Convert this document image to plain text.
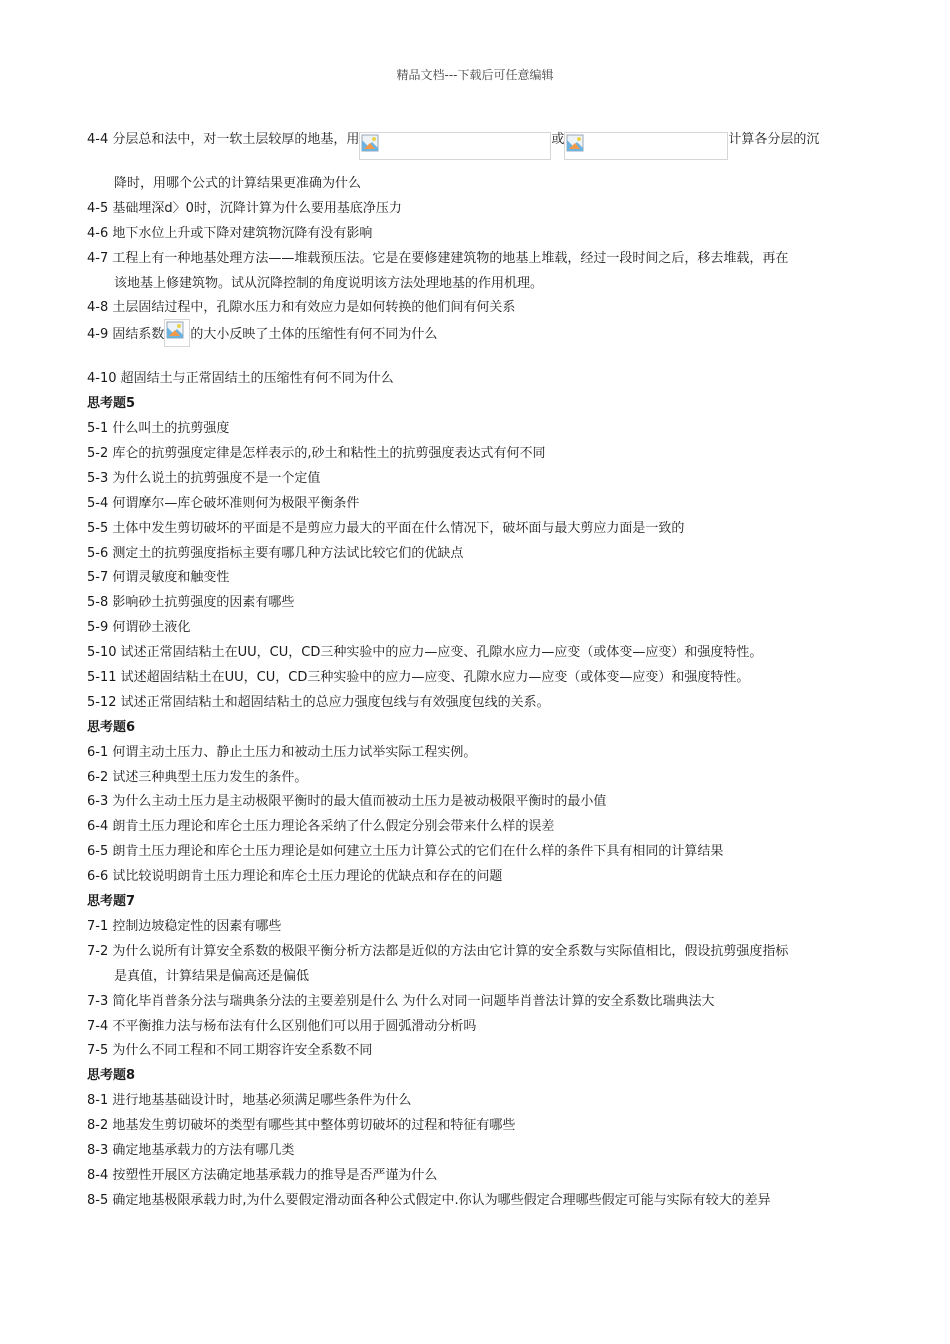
精品文档---下载后可任意编辑
4-4 分层总和法中，对一软土层较厚的地基，用	或	计算各分层的沉
降时，用哪个公式的计算结果更准确为什么
4-5 基础埋深d〉0时，沉降计算为什么要用基底净压力
4-6 地下水位上升或下降对建筑物沉降有没有影响
4-7 工程上有一种地基处理方法——堆载预压法。它是在要修建建筑物的地基上堆载，经过一段时间之后，移去堆载，再在
该地基上修建筑物。试从沉降控制的角度说明该方法处理地基的作用机理。
4-8 土层固结过程中，孔隙水压力和有效应力是如何转换的他们间有何关系
4-9 固结系数 的大小反映了土体的压缩性有何不同为什么
4-10 超固结土与正常固结土的压缩性有何不同为什么
思考题5
5-1 什么叫土的抗剪强度
5-2 库仑的抗剪强度定律是怎样表示的,砂土和粘性土的抗剪强度表达式有何不同
5-3 为什么说土的抗剪强度不是一个定值
5-4 何谓摩尔—库仑破坏准则何为极限平衡条件
5-5 土体中发生剪切破坏的平面是不是剪应力最大的平面在什么情况下，破坏面与最大剪应力面是一致的
5-6 测定土的抗剪强度指标主要有哪几种方法试比较它们的优缺点
5-7 何谓灵敏度和触变性
5-8 影响砂土抗剪强度的因素有哪些
5-9 何谓砂土液化
5-10 试述正常固结粘土在UU，CU，CD三种实验中的应力—应变、孔隙水应力—应变（或体变—应变）和强度特性。
5-11 试述超固结粘土在UU，CU，CD三种实验中的应力—应变、孔隙水应力—应变（或体变—应变）和强度特性。
5-12 试述正常固结粘土和超固结粘土的总应力强度包线与有效强度包线的关系。
思考题6
6-1 何谓主动土压力、静止土压力和被动土压力试举实际工程实例。
6-2 试述三种典型土压力发生的条件。
6-3 为什么主动土压力是主动极限平衡时的最大值而被动土压力是被动极限平衡时的最小值
6-4 朗肯土压力理论和库仑土压力理论各采纳了什么假定分别会带来什么样的误差
6-5 朗肯土压力理论和库仑土压力理论是如何建立土压力计算公式的它们在什么样的条件下具有相同的计算结果
6-6 试比较说明朗肯土压力理论和库仑土压力理论的优缺点和存在的问题
思考题7
7-1 控制边坡稳定性的因素有哪些
7-2 为什么说所有计算安全系数的极限平衡分析方法都是近似的方法由它计算的安全系数与实际值相比，假设抗剪强度指标
是真值，计算结果是偏高还是偏低
7-3 简化毕肖普条分法与瑞典条分法的主要差别是什么 为什么对同一问题毕肖普法计算的安全系数比瑞典法大
7-4 不平衡推力法与杨布法有什么区别他们可以用于圆弧滑动分析吗
7-5 为什么不同工程和不同工期容许安全系数不同
思考题8
8-1 进行地基基础设计时，地基必须满足哪些条件为什么
8-2 地基发生剪切破坏的类型有哪些其中整体剪切破坏的过程和特征有哪些
8-3 确定地基承载力的方法有哪几类
8-4 按塑性开展区方法确定地基承载力的推导是否严谨为什么
8-5 确定地基极限承载力时,为什么要假定滑动面各种公式假定中.你认为哪些假定合理哪些假定可能与实际有较大的差异
